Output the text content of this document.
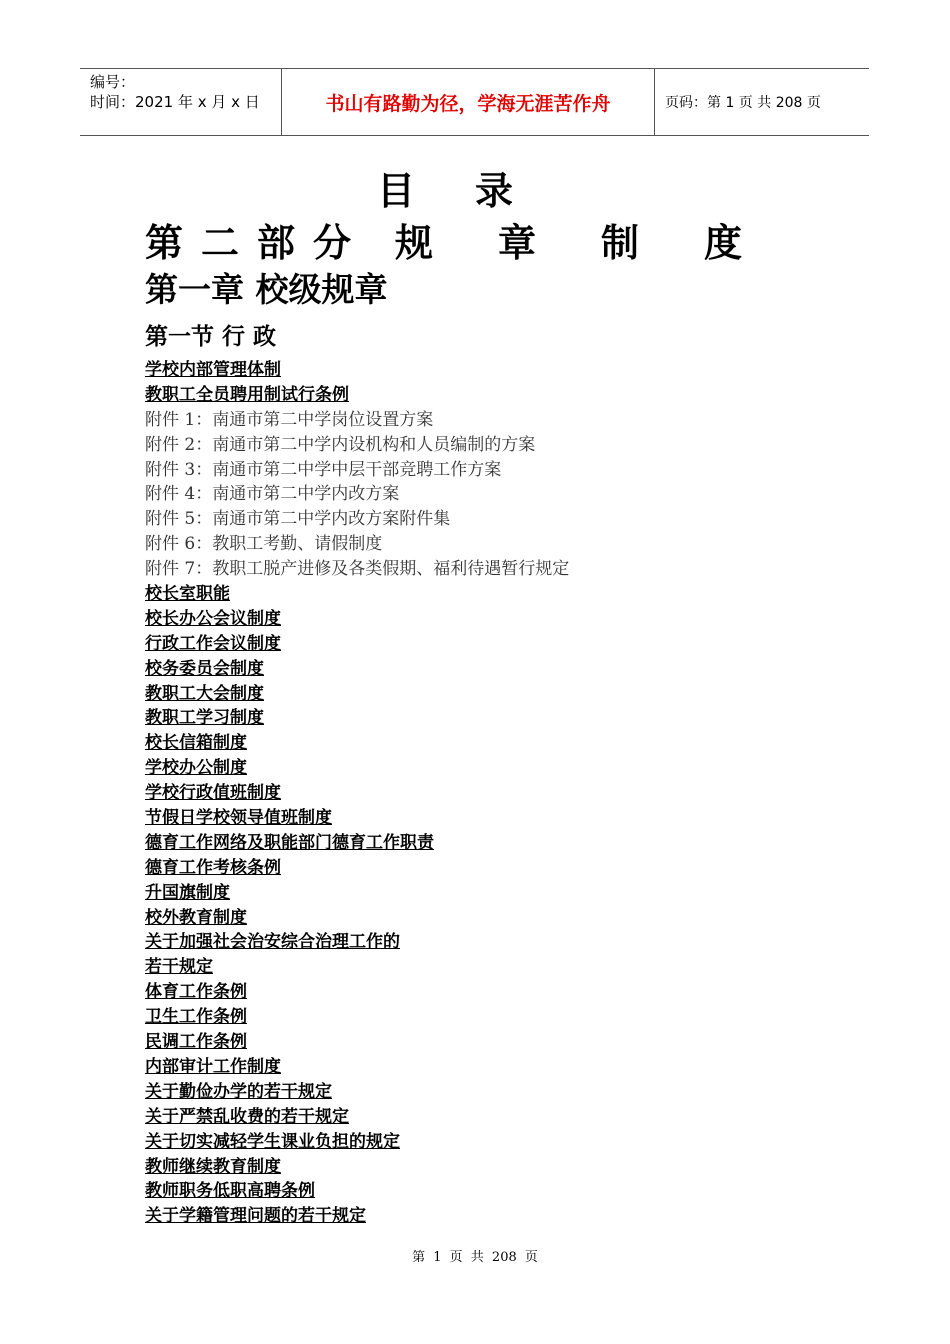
编号：
时间：2021 年 x 月 x 日	书山有路勤为径，学海无涯苦作舟	页码：第 1 页 共 208 页
目录
第二部分 规 章 制 度
第一章 校级规章
第一节 行 政
学校内部管理体制
教职工全员聘用制试行条例
附件 1：南通市第二中学岗位设置方案
附件 2：南通市第二中学内设机构和人员编制的方案
附件 3：南通市第二中学中层干部竞聘工作方案
附件 4：南通市第二中学内改方案
附件 5：南通市第二中学内改方案附件集
附件 6：教职工考勤、请假制度
附件 7：教职工脱产进修及各类假期、福利待遇暂行规定
校长室职能
校长办公会议制度
行政工作会议制度
校务委员会制度
教职工大会制度
教职工学习制度
校长信箱制度
学校办公制度
学校行政值班制度
节假日学校领导值班制度
德育工作网络及职能部门德育工作职责
德育工作考核条例
升国旗制度
校外教育制度
关于加强社会治安综合治理工作的
若干规定
体育工作条例
卫生工作条例
民调工作条例
内部审计工作制度
关于勤俭办学的若干规定
关于严禁乱收费的若干规定
关于切实减轻学生课业负担的规定
教师继续教育制度
教师职务低职高聘条例
关于学籍管理问题的若干规定
第 1 页 共 208 页
